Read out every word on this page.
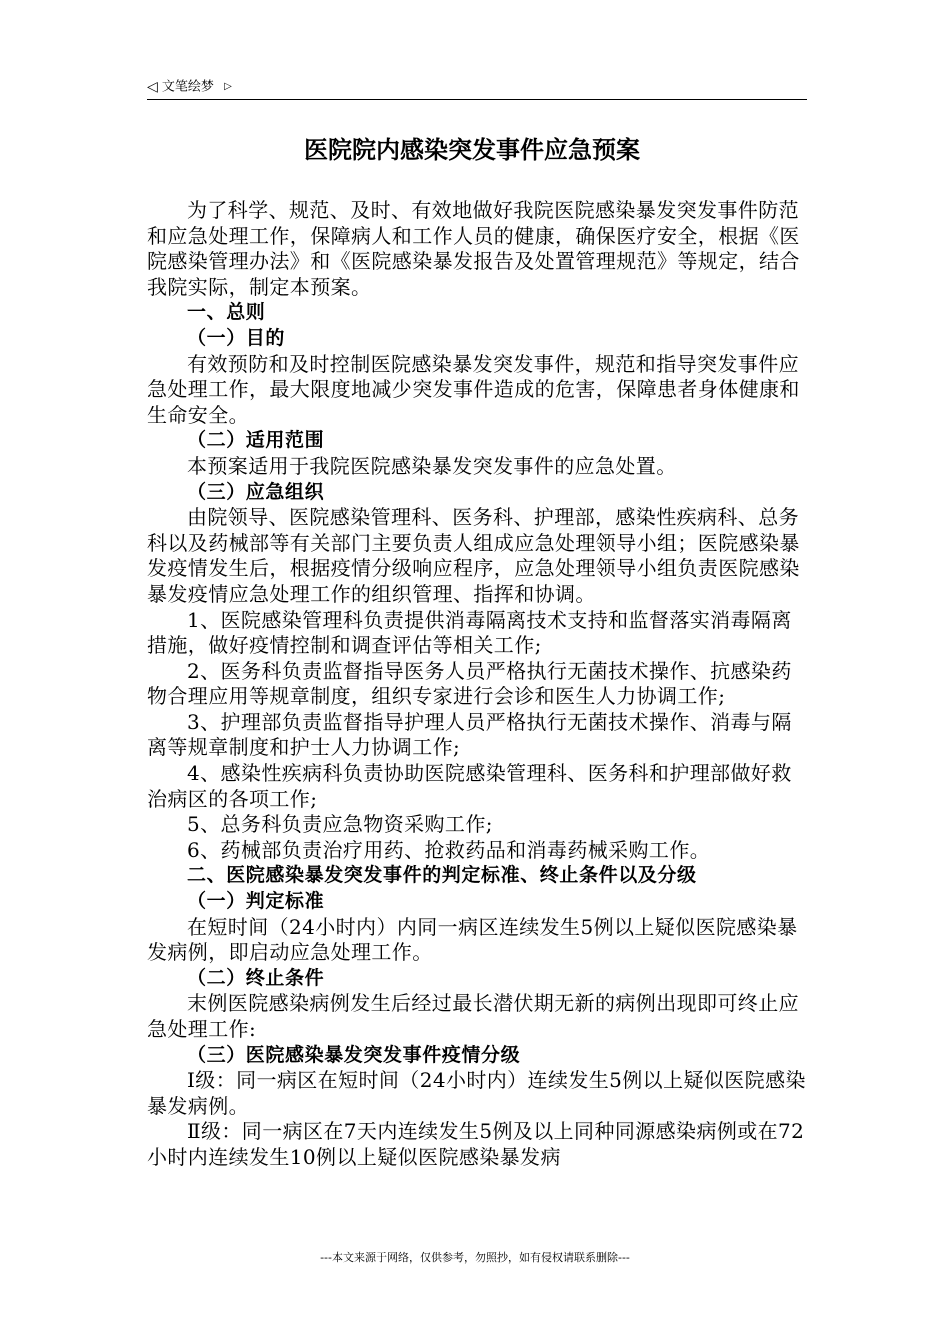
◁ 文笔绘梦 ▷
医院院内感染突发事件应急预案

为了科学、规范、及时、有效地做好我院医院感染暴发突发事件防范和应急处理工作，保障病人和工作人员的健康，确保医疗安全，根据《医院感染管理办法》和《医院感染暴发报告及处置管理规范》等规定，结合我院实际，制定本预案。

一、总则

（一）目的

有效预防和及时控制医院感染暴发突发事件，规范和指导突发事件应急处理工作，最大限度地减少突发事件造成的危害，保障患者身体健康和生命安全。

（二）适用范围

本预案适用于我院医院感染暴发突发事件的应急处置。

（三）应急组织

由院领导、医院感染管理科、医务科、护理部，感染性疾病科、总务科以及药械部等有关部门主要负责人组成应急处理领导小组；医院感染暴发疫情发生后，根据疫情分级响应程序，应急处理领导小组负责医院感染暴发疫情应急处理工作的组织管理、指挥和协调。

1、医院感染管理科负责提供消毒隔离技术支持和监督落实消毒隔离措施，做好疫情控制和调查评估等相关工作;

2、医务科负责监督指导医务人员严格执行无菌技术操作、抗感染药物合理应用等规章制度，组织专家进行会诊和医生人力协调工作;

3、护理部负责监督指导护理人员严格执行无菌技术操作、消毒与隔离等规章制度和护士人力协调工作;

4、感染性疾病科负责协助医院感染管理科、医务科和护理部做好救治病区的各项工作;

5、总务科负责应急物资采购工作;

6、药械部负责治疗用药、抢救药品和消毒药械采购工作。

二、医院感染暴发突发事件的判定标准、终止条件以及分级

（一）判定标准

在短时间（24小时内）内同一病区连续发生5例以上疑似医院感染暴发病例，即启动应急处理工作。

（二）终止条件

末例医院感染病例发生后经过最长潜伏期无新的病例出现即可终止应急处理工作:

（三）医院感染暴发突发事件疫情分级

Ⅰ级：同一病区在短时间（24小时内）连续发生5例以上疑似医院感染暴发病例。

Ⅱ级：同一病区在7天内连续发生5例及以上同种同源感染病例或在72小时内连续发生10例以上疑似医院感染暴发病

---本文来源于网络，仅供参考，勿照抄，如有侵权请联系删除---
